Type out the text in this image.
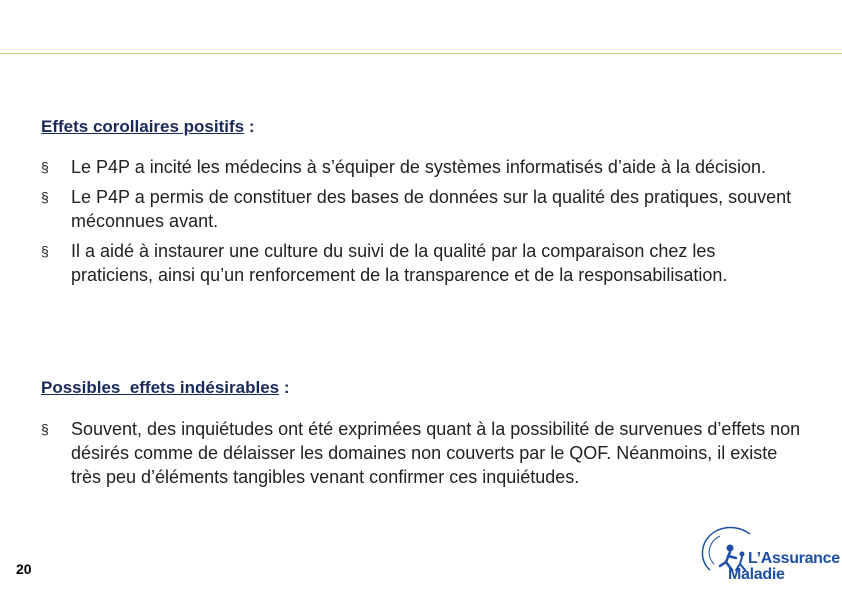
Effets corollaires positifs :
§ Le P4P a incité les médecins à s’équiper de systèmes informatisés d’aide à la décision.
§ Le P4P a permis de constituer des bases de données sur la qualité des pratiques, souvent méconnues avant.
§ Il a aidé à instaurer une culture du suivi de la qualité par la comparaison chez les praticiens, ainsi qu’un renforcement de la transparence et de la responsabilisation.
Possibles  effets indésirables :
§ Souvent, des inquiétudes ont été exprimées quant à la possibilité de survenues d’effets non désirés comme de délaisser les domaines non couverts par le QOF. Néanmoins, il existe très peu d’éléments tangibles venant confirmer ces inquiétudes.
20
L’Assurance
Maladie
